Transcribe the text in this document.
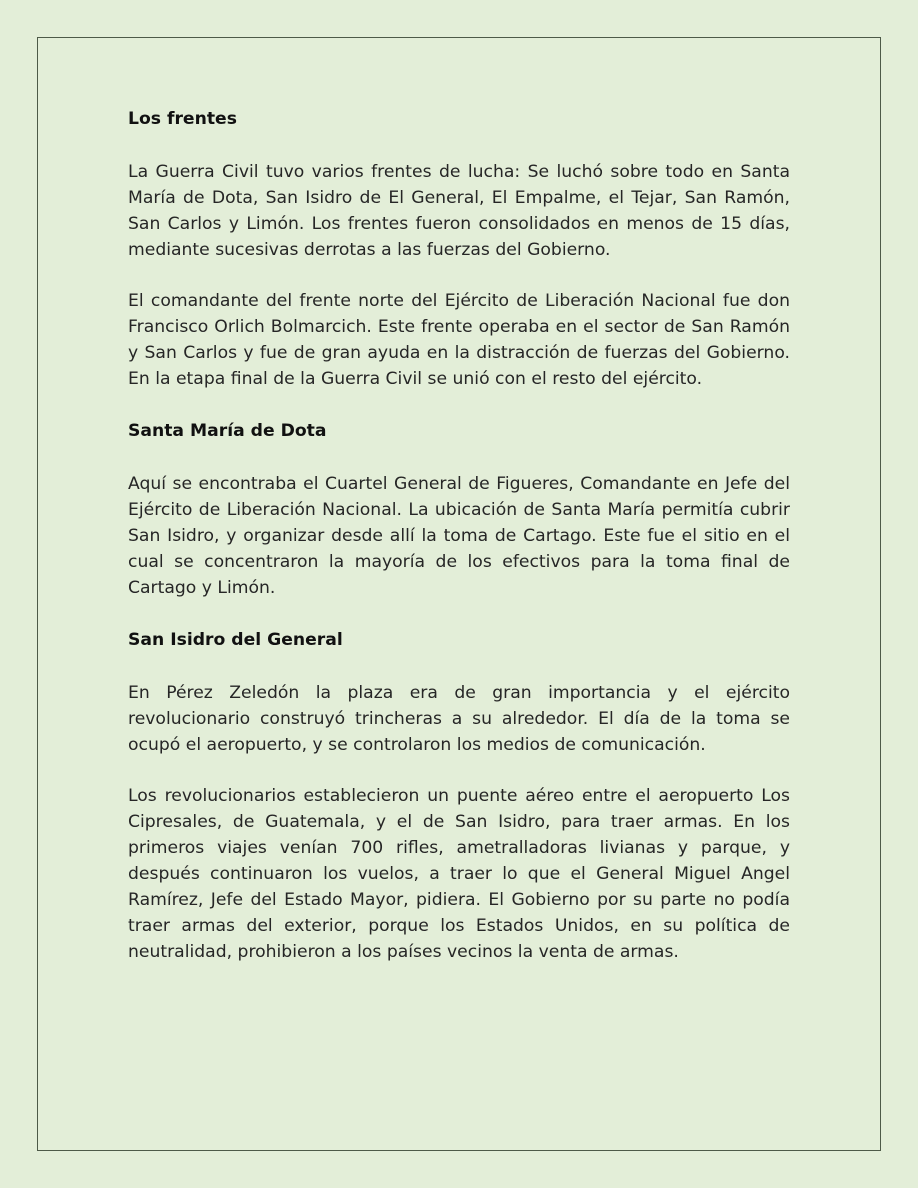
Los frentes

La Guerra Civil tuvo varios frentes de lucha: Se luchó sobre todo en Santa María de Dota, San Isidro de El General, El Empalme, el Tejar, San Ramón, San Carlos y Limón. Los frentes fueron consolidados en menos de 15 días, mediante sucesivas derrotas a las fuerzas del Gobierno.

El comandante del frente norte del Ejército de Liberación Nacional fue don Francisco Orlich Bolmarcich. Este frente operaba en el sector de San Ramón y San Carlos y fue de gran ayuda en la distracción de fuerzas del Gobierno. En la etapa final de la Guerra Civil se unió con el resto del ejército.

Santa María de Dota

Aquí se encontraba el Cuartel General de Figueres, Comandante en Jefe del Ejército de Liberación Nacional. La ubicación de Santa María permitía cubrir San Isidro, y organizar desde allí la toma de Cartago. Este fue el sitio en el cual se concentraron la mayoría de los efectivos para la toma final de Cartago y Limón.

San Isidro del General

En Pérez Zeledón la plaza era de gran importancia y el ejército revolucionario construyó trincheras a su alrededor. El día de la toma se ocupó el aeropuerto, y se controlaron los medios de comunicación.

Los revolucionarios establecieron un puente aéreo entre el aeropuerto Los Cipresales, de Guatemala, y el de San Isidro, para traer armas. En los primeros viajes venían 700 rifles, ametralladoras livianas y parque, y después continuaron los vuelos, a traer lo que el General Miguel Angel Ramírez, Jefe del Estado Mayor, pidiera. El Gobierno por su parte no podía traer armas del exterior, porque los Estados Unidos, en su política de neutralidad, prohibieron a los países vecinos la venta de armas.
